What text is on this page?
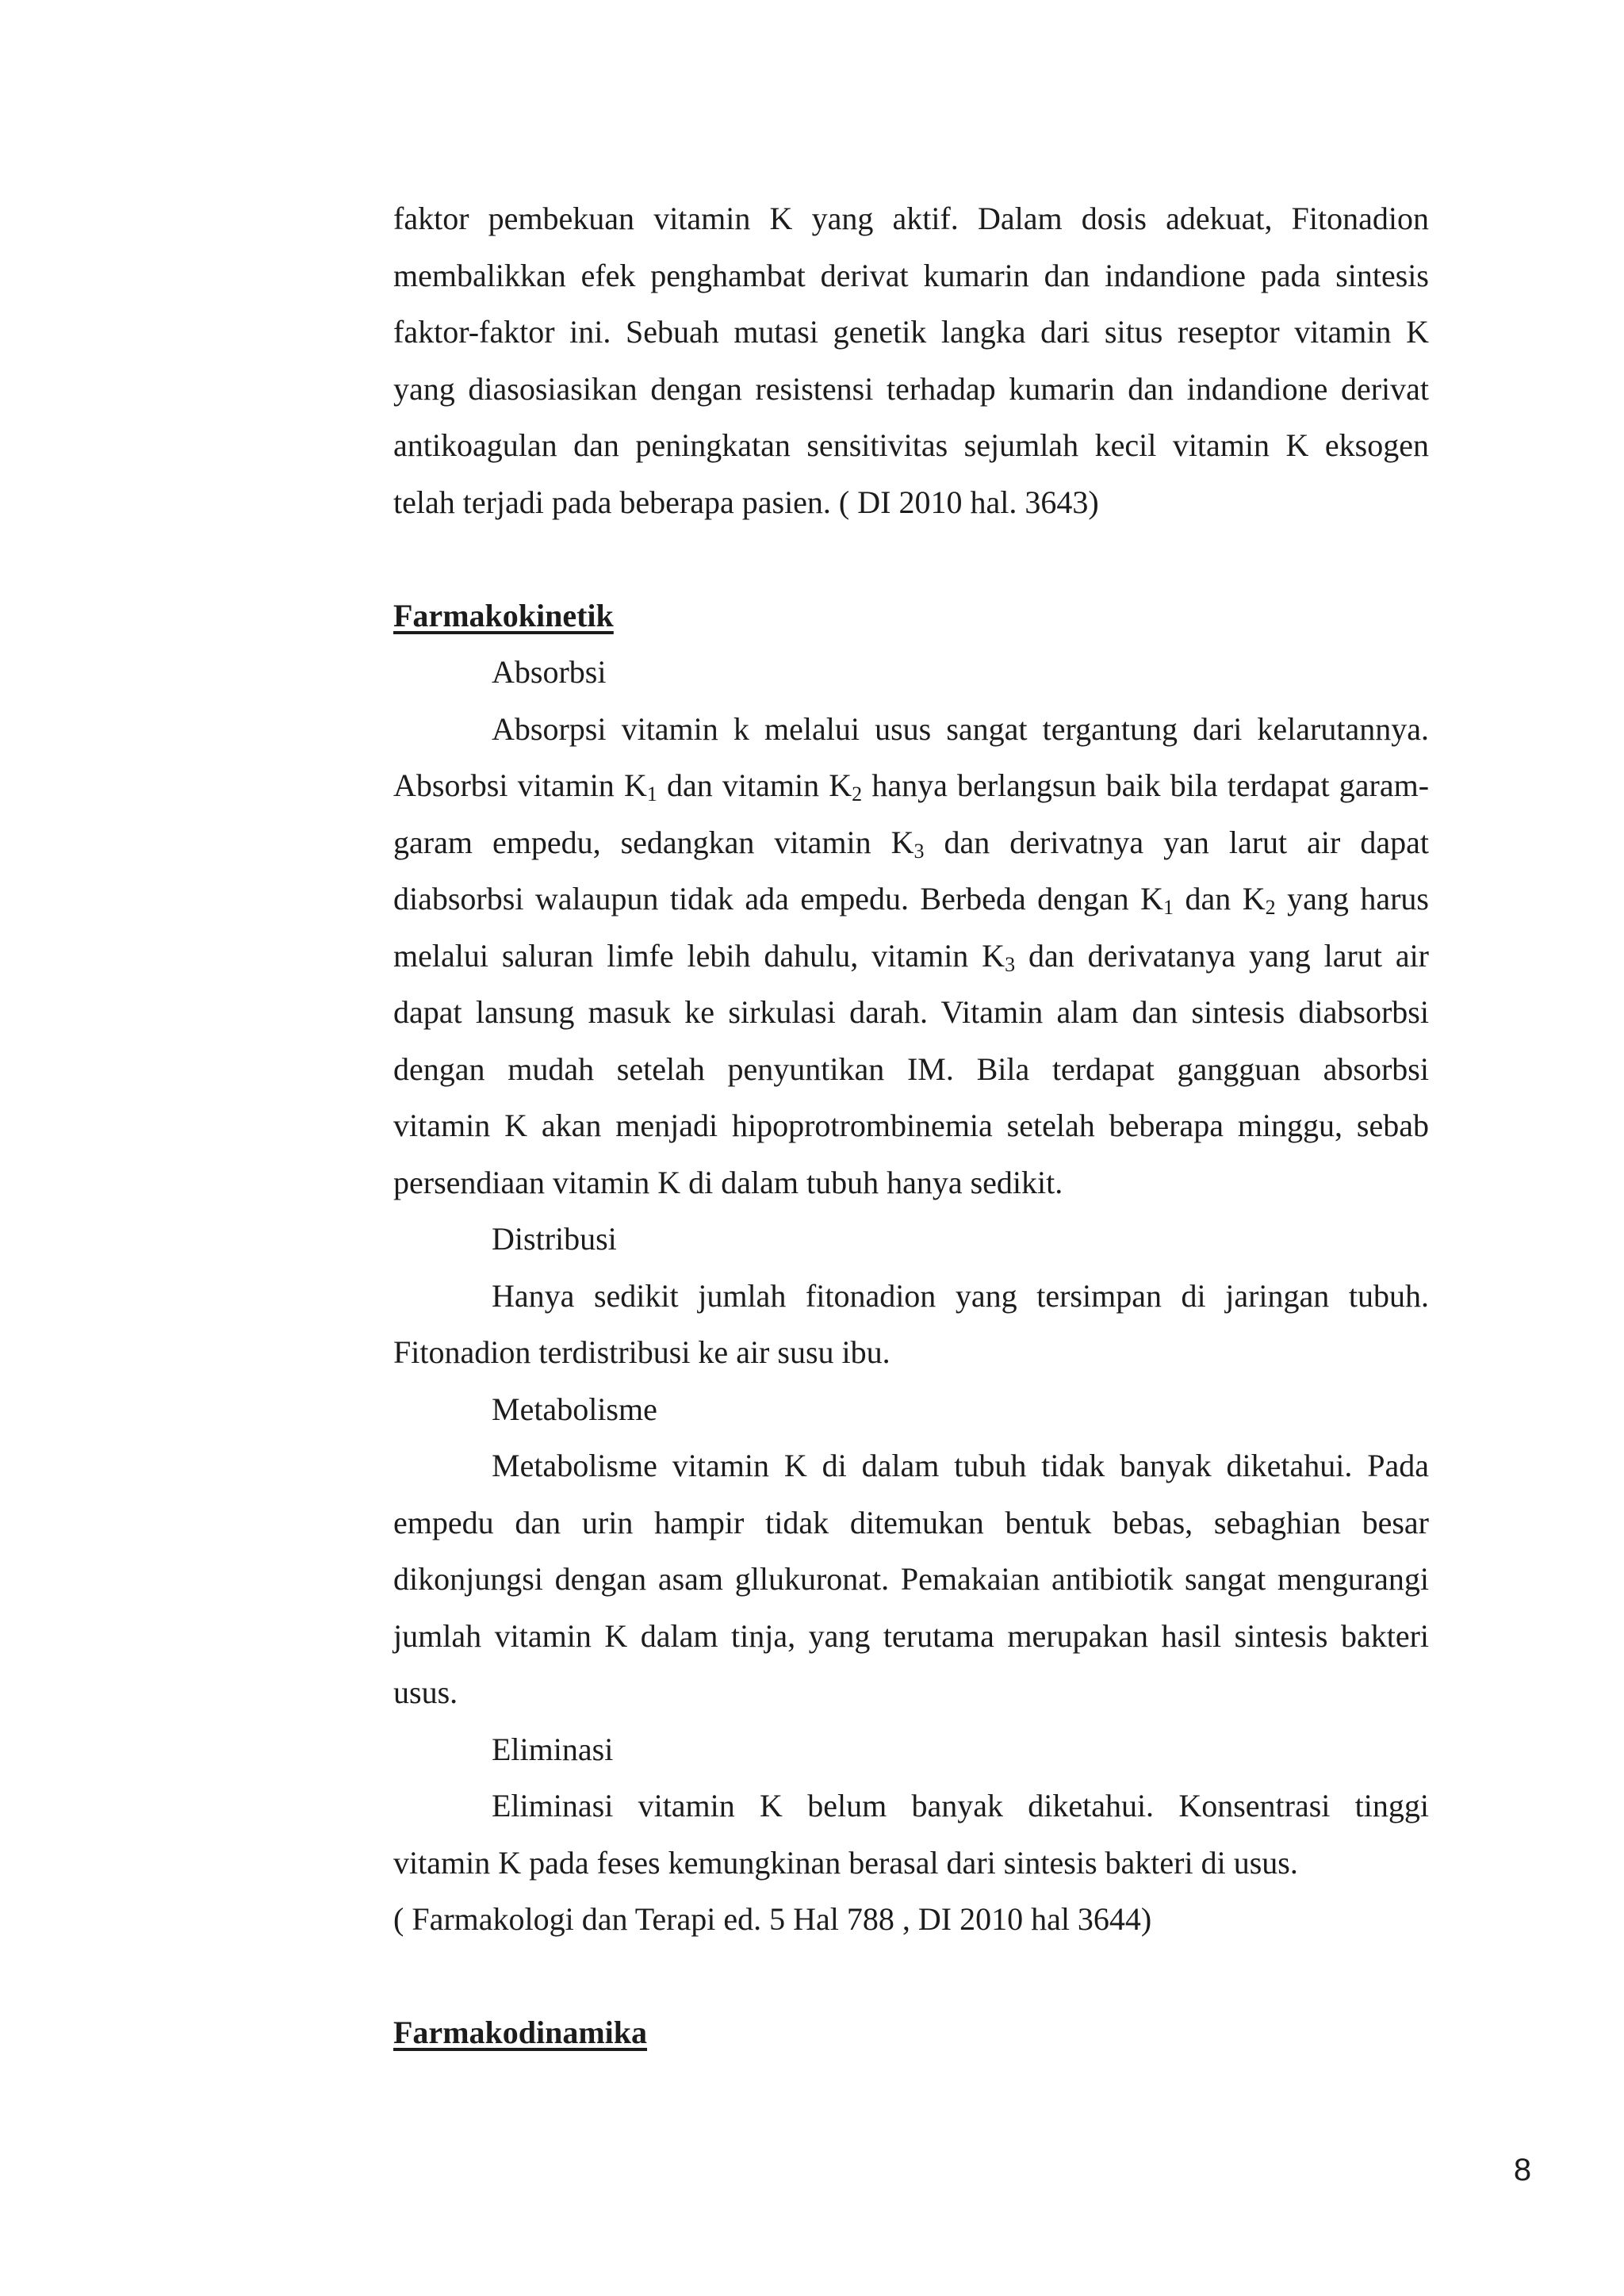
faktor pembekuan vitamin K yang aktif. Dalam dosis adekuat, Fitonadion

membalikkan efek penghambat derivat kumarin dan indandione pada sintesis

faktor-faktor ini. Sebuah mutasi genetik langka dari situs reseptor vitamin K

yang diasosiasikan dengan resistensi terhadap kumarin dan indandione derivat

antikoagulan dan peningkatan sensitivitas sejumlah kecil vitamin K eksogen

telah terjadi pada beberapa pasien. ( DI 2010 hal. 3643)

Farmakokinetik

Absorbsi

Absorpsi vitamin k melalui usus sangat tergantung dari kelarutannya.

Absorbsi vitamin $K_1$ dan vitamin $K_2$ hanya berlangsun baik bila terdapat garam-

garam empedu, sedangkan vitamin $K_3$ dan derivatnya yan larut air dapat

diabsorbsi walaupun tidak ada empedu. Berbeda dengan $K_1$ dan $K_2$ yang harus

melalui saluran limfe lebih dahulu, vitamin $K_3$ dan derivatanya yang larut air

dapat lansung masuk ke sirkulasi darah. Vitamin alam dan sintesis diabsorbsi

dengan mudah setelah penyuntikan IM. Bila terdapat gangguan absorbsi

vitamin K akan menjadi hipoprotrombinemia setelah beberapa minggu, sebab

persendiaan vitamin K di dalam tubuh hanya sedikit.

Distribusi

Hanya sedikit jumlah fitonadion yang tersimpan di jaringan tubuh.

Fitonadion terdistribusi ke air susu ibu.

Metabolisme

Metabolisme vitamin K di dalam tubuh tidak banyak diketahui. Pada

empedu dan urin hampir tidak ditemukan bentuk bebas, sebaghian besar

dikonjungsi dengan asam gllukuronat. Pemakaian antibiotik sangat mengurangi

jumlah vitamin K dalam tinja, yang terutama merupakan hasil sintesis bakteri

usus.

Eliminasi

Eliminasi vitamin K belum banyak diketahui. Konsentrasi tinggi

vitamin K pada feses kemungkinan berasal dari sintesis bakteri di usus.

( Farmakologi dan Terapi ed. 5 Hal 788 , DI 2010 hal 3644)

Farmakodinamika

8
